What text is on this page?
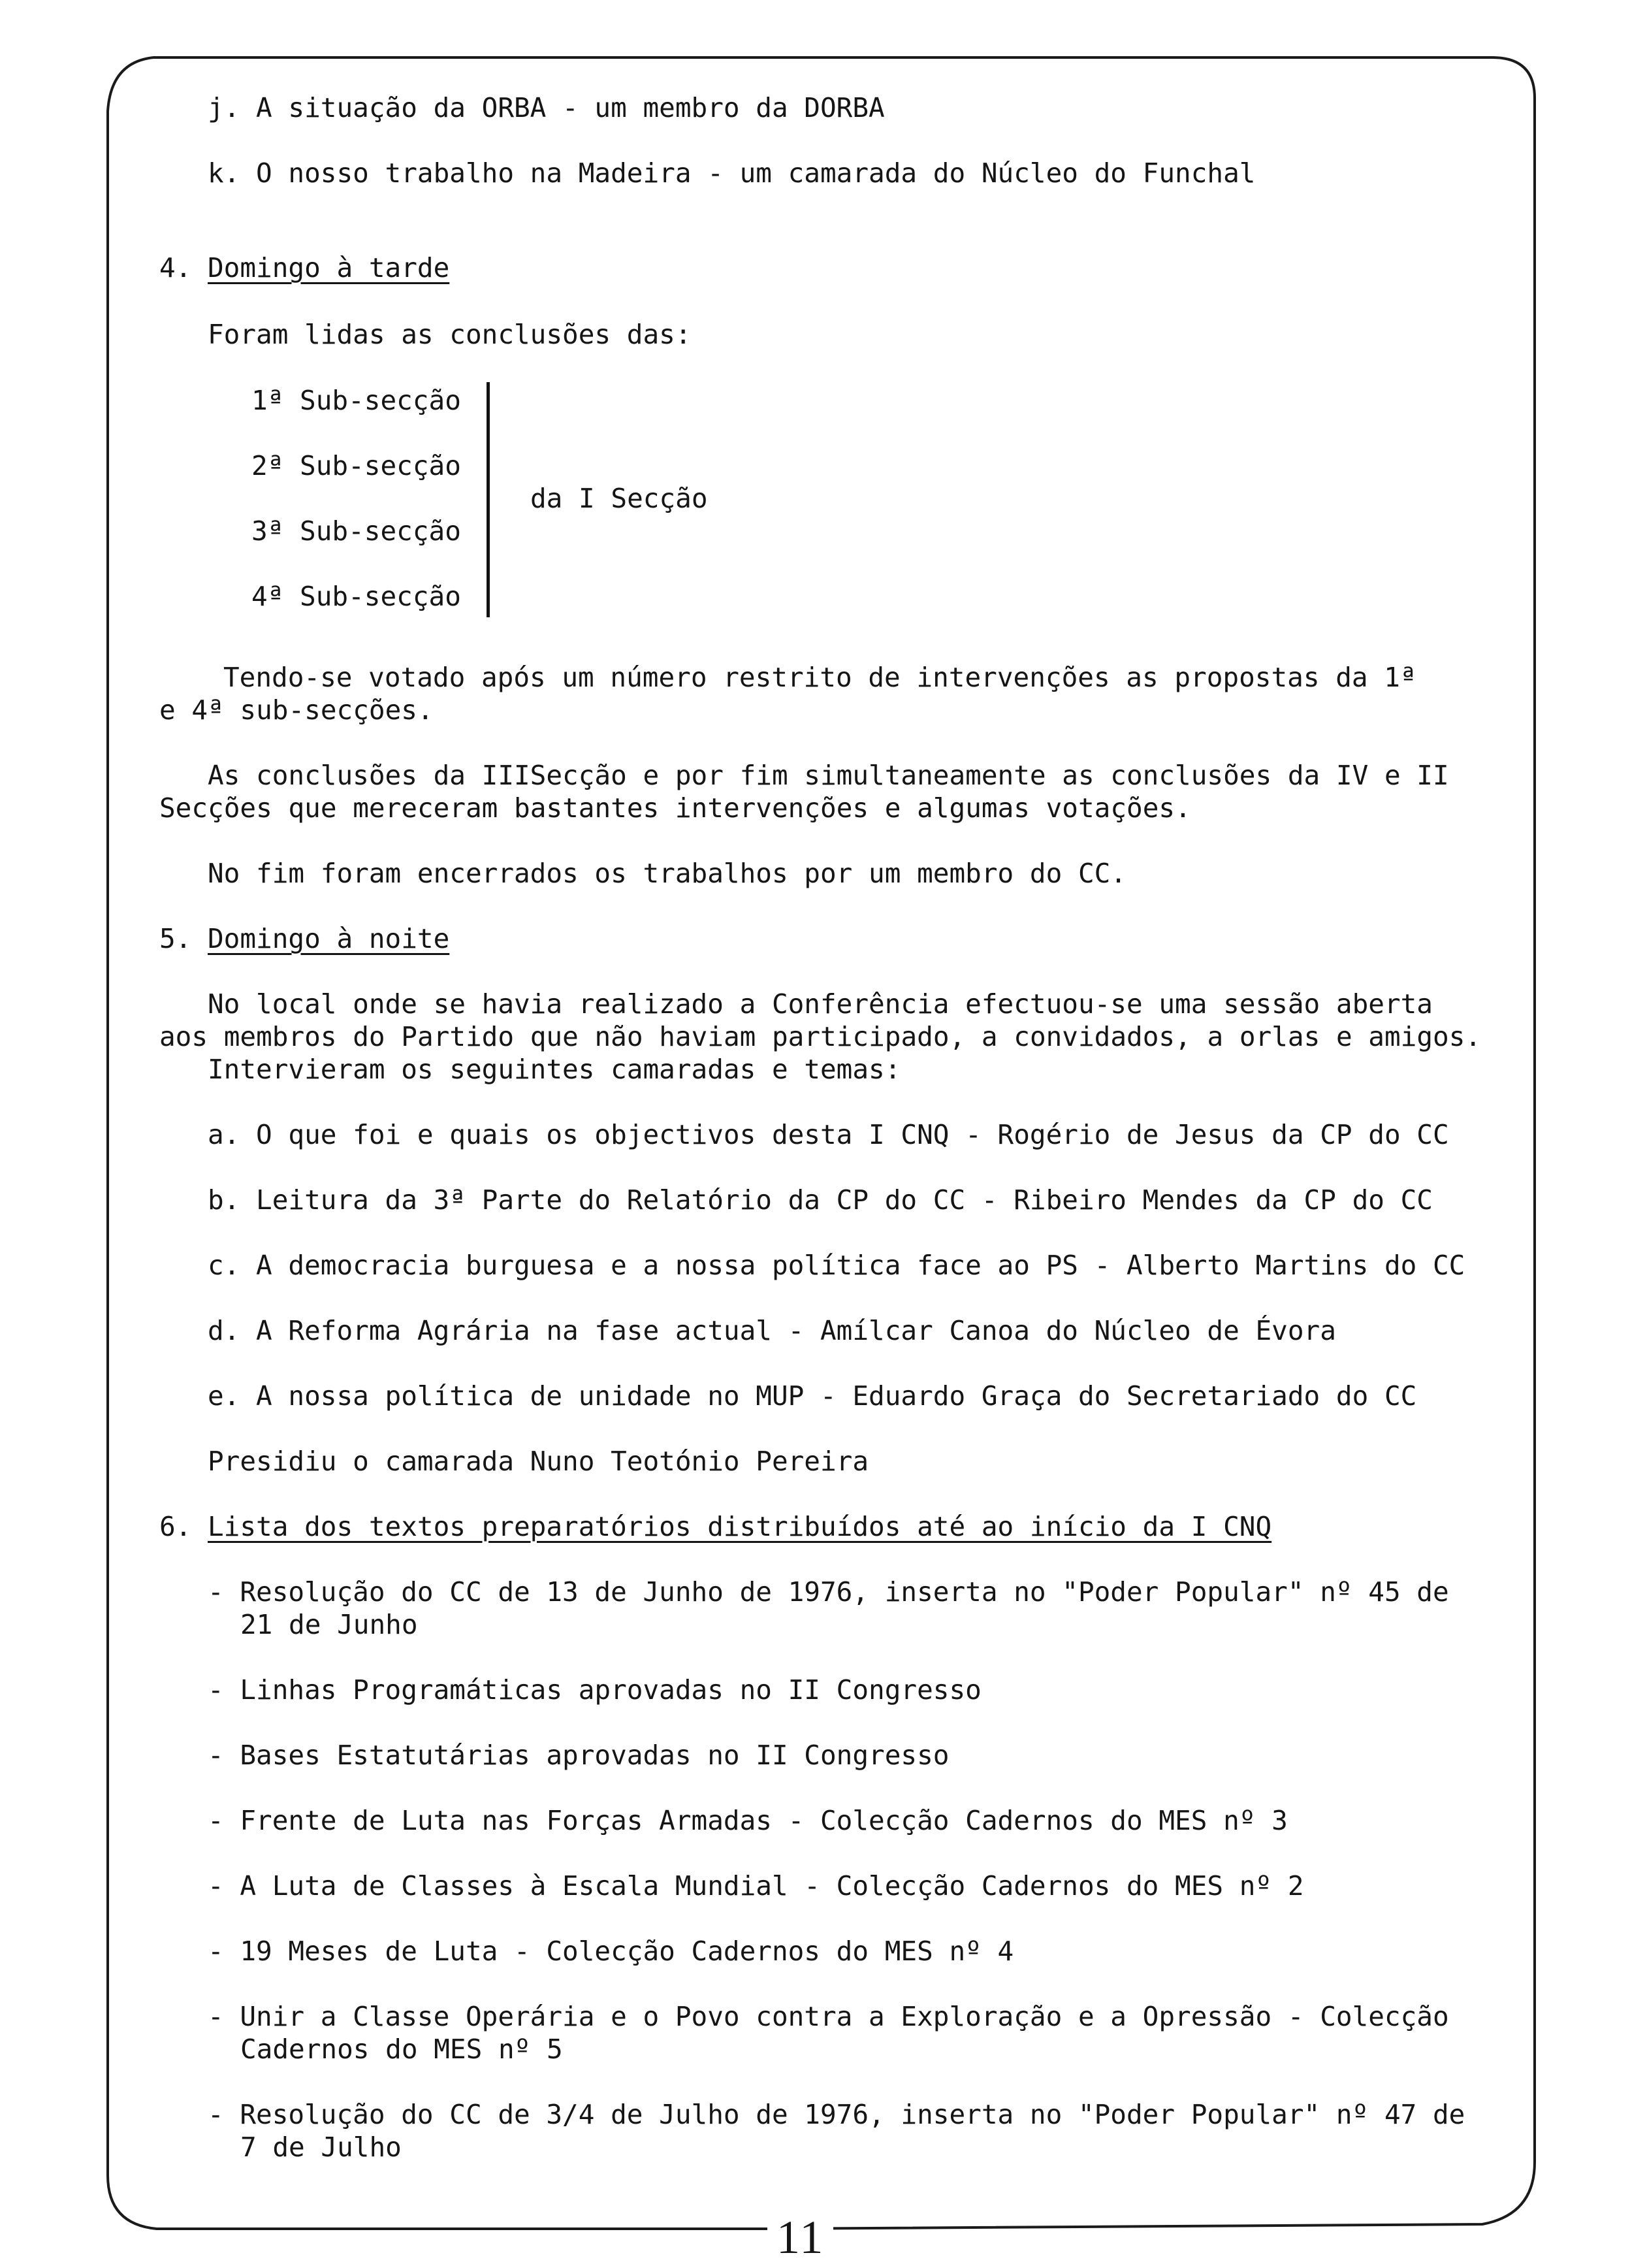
j. A situação da ORBA - um membro da DORBA
k. O nosso trabalho na Madeira - um camarada do Núcleo do Funchal
4. Domingo à tarde
Foram lidas as conclusões das:
1ª Sub-secção
2ª Sub-secção
3ª Sub-secção
4ª Sub-secção
da I Secção
Tendo-se votado após um número restrito de intervenções as propostas da 1ª
e 4ª sub-secções.
As conclusões da IIISecção e por fim simultaneamente as conclusões da IV e II
Secções que mereceram bastantes intervenções e algumas votações.
No fim foram encerrados os trabalhos por um membro do CC.
5. Domingo à noite
No local onde se havia realizado a Conferência efectuou-se uma sessão aberta
aos membros do Partido que não haviam participado, a convidados, a orlas e amigos.
Intervieram os seguintes camaradas e temas:
a. O que foi e quais os objectivos desta I CNQ - Rogério de Jesus da CP do CC
b. Leitura da 3ª Parte do Relatório da CP do CC - Ribeiro Mendes da CP do CC
c. A democracia burguesa e a nossa política face ao PS - Alberto Martins do CC
d. A Reforma Agrária na fase actual - Amílcar Canoa do Núcleo de Évora
e. A nossa política de unidade no MUP - Eduardo Graça do Secretariado do CC
Presidiu o camarada Nuno Teotónio Pereira
6. Lista dos textos preparatórios distribuídos até ao início da I CNQ
- Resolução do CC de 13 de Junho de 1976, inserta no "Poder Popular" nº 45 de
21 de Junho
- Linhas Programáticas aprovadas no II Congresso
- Bases Estatutárias aprovadas no II Congresso
- Frente de Luta nas Forças Armadas - Colecção Cadernos do MES nº 3
- A Luta de Classes à Escala Mundial - Colecção Cadernos do MES nº 2
- 19 Meses de Luta - Colecção Cadernos do MES nº 4
- Unir a Classe Operária e o Povo contra a Exploração e a Opressão - Colecção
Cadernos do MES nº 5
- Resolução do CC de 3/4 de Julho de 1976, inserta no "Poder Popular" nº 47 de
7 de Julho
11
